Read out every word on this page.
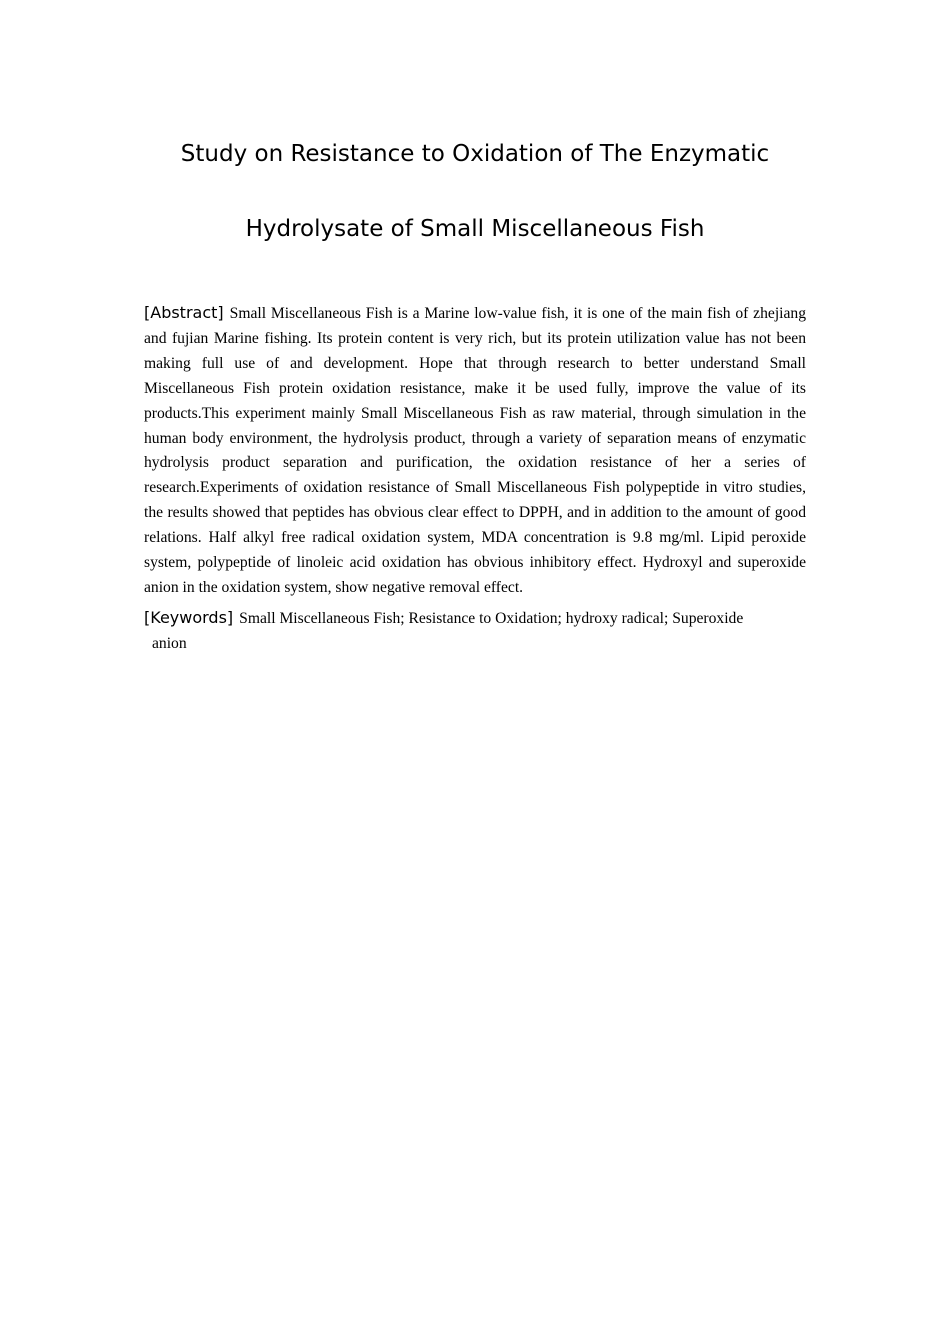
Study on Resistance to Oxidation of The Enzymatic
Hydrolysate of Small Miscellaneous Fish

[Abstract] Small Miscellaneous Fish is a Marine low-value fish, it is one of the main fish of zhejiang and fujian Marine fishing. Its protein content is very rich, but its protein utilization value has not been making full use of and development. Hope that through research to better understand Small Miscellaneous Fish protein oxidation resistance, make it be used fully, improve the value of its products.This experiment mainly Small Miscellaneous Fish as raw material, through simulation in the human body environment, the hydrolysis product, through a variety of separation means of enzymatic hydrolysis product separation and purification, the oxidation resistance of her a series of research.Experiments of oxidation resistance of Small Miscellaneous Fish polypeptide in vitro studies, the results showed that peptides has obvious clear effect to DPPH, and in addition to the amount of good relations. Half alkyl free radical oxidation system, MDA concentration is 9.8 mg/ml. Lipid peroxide system, polypeptide of linoleic acid oxidation has obvious inhibitory effect. Hydroxyl and superoxide anion in the oxidation system, show negative removal effect.

[Keywords] Small Miscellaneous Fish; Resistance to Oxidation; hydroxy radical; Superoxide
anion
